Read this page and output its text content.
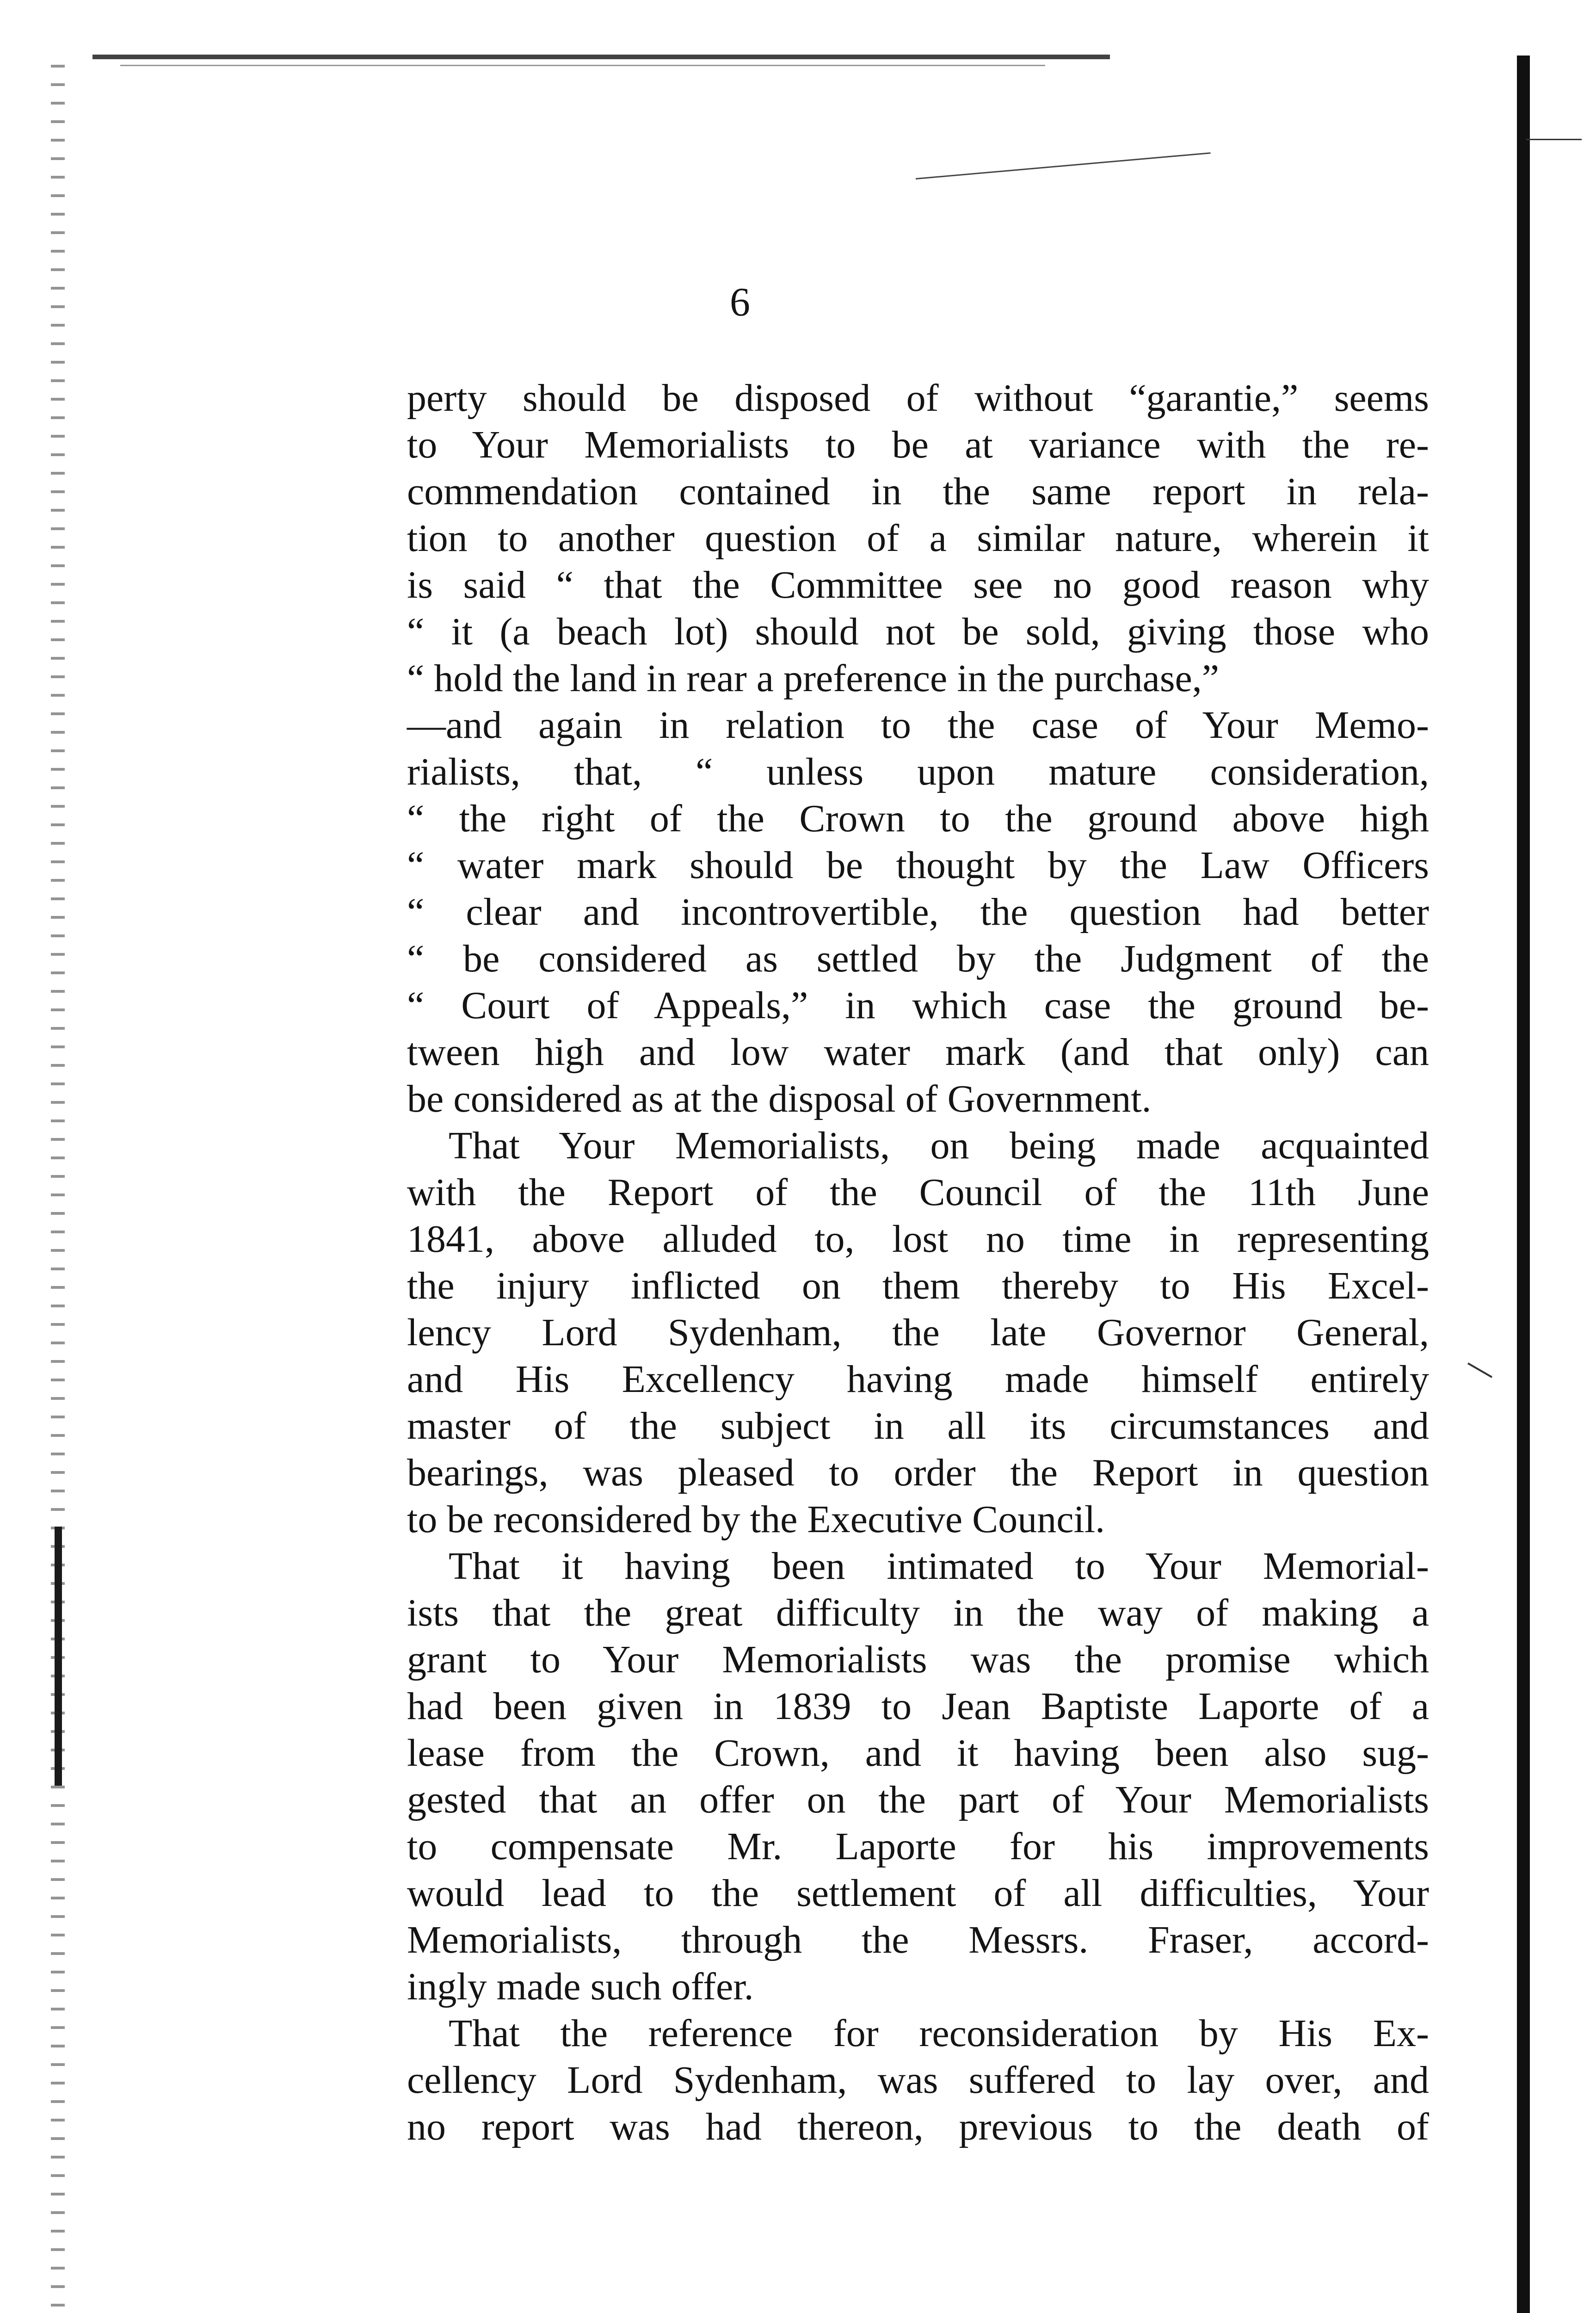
6
perty should be disposed of without “garantie,” seems
to Your Memorialists to be at variance with the re-
commendation contained in the same report in rela-
tion to another question of a similar nature, wherein it
is said “ that the Committee see no good reason why
“ it (a beach lot) should not be sold, giving those who
“ hold the land in rear a preference in the purchase,”
—and again in relation to the case of Your Memo-
rialists, that, “ unless upon mature consideration,
“ the right of the Crown to the ground above high
“ water mark should be thought by the Law Officers
“ clear and incontrovertible, the question had better
“ be considered as settled by the Judgment of the
“ Court of Appeals,” in which case the ground be-
tween high and low water mark (and that only) can
be considered as at the disposal of Government.
That Your Memorialists, on being made acquainted
with the Report of the Council of the 11th June
1841, above alluded to, lost no time in representing
the injury inflicted on them thereby to His Excel-
lency Lord Sydenham, the late Governor General,
and His Excellency having made himself entirely
master of the subject in all its circumstances and
bearings, was pleased to order the Report in question
to be reconsidered by the Executive Council.
That it having been intimated to Your Memorial-
ists that the great difficulty in the way of making a
grant to Your Memorialists was the promise which
had been given in 1839 to Jean Baptiste Laporte of a
lease from the Crown, and it having been also sug-
gested that an offer on the part of Your Memorialists
to compensate Mr. Laporte for his improvements
would lead to the settlement of all difficulties, Your
Memorialists, through the Messrs. Fraser, accord-
ingly made such offer.
That the reference for reconsideration by His Ex-
cellency Lord Sydenham, was suffered to lay over, and
no report was had thereon, previous to the death of
